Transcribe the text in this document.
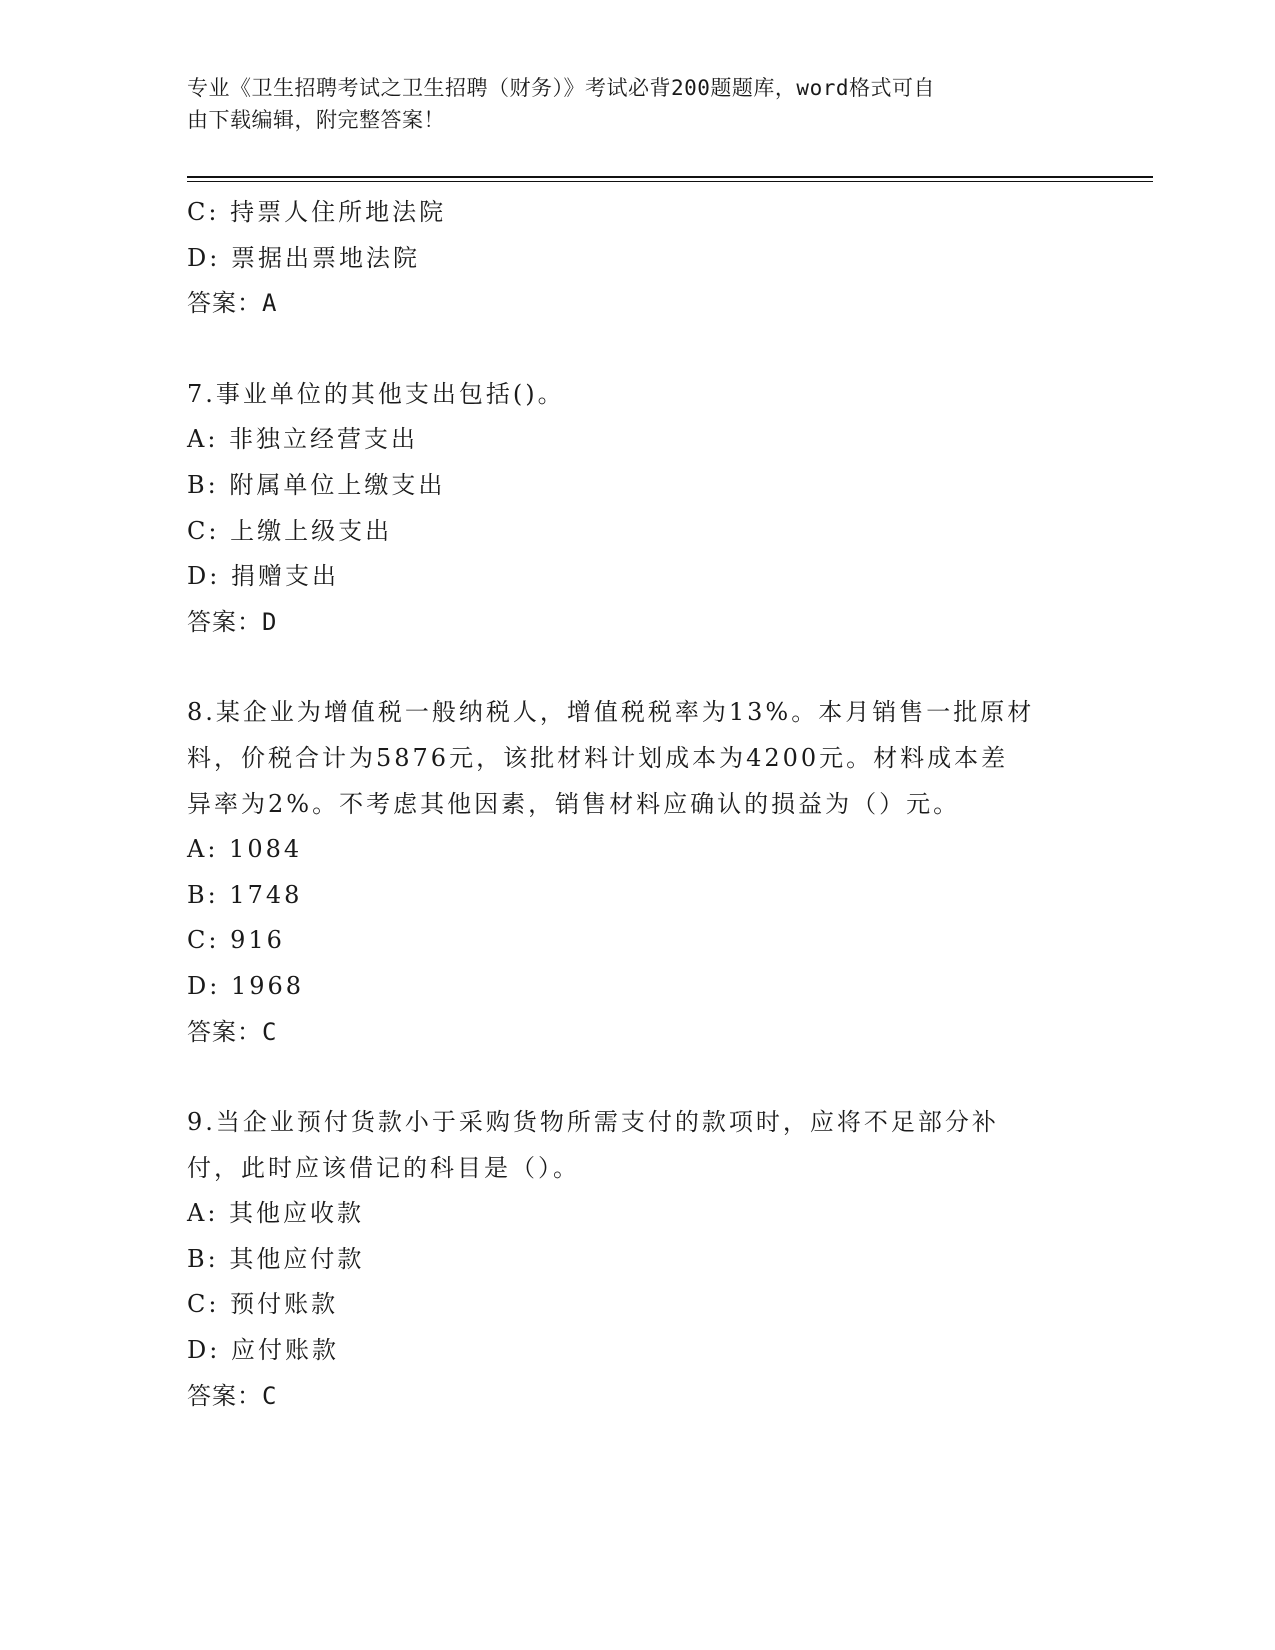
专业《卫生招聘考试之卫生招聘（财务）》考试必背200题题库，word格式可自
由下载编辑，附完整答案！
C: 持票人住所地法院
D: 票据出票地法院
答案：A
7.事业单位的其他支出包括()。
A: 非独立经营支出
B: 附属单位上缴支出
C: 上缴上级支出
D: 捐赠支出
答案：D
8.某企业为增值税一般纳税人，增值税税率为13%。本月销售一批原材
料，价税合计为5876元，该批材料计划成本为4200元。材料成本差
异率为2%。不考虑其他因素，销售材料应确认的损益为（）元。
A: 1084
B: 1748
C: 916
D: 1968
答案：C
9.当企业预付货款小于采购货物所需支付的款项时，应将不足部分补
付，此时应该借记的科目是（）。
A: 其他应收款
B: 其他应付款
C: 预付账款
D: 应付账款
答案：C
